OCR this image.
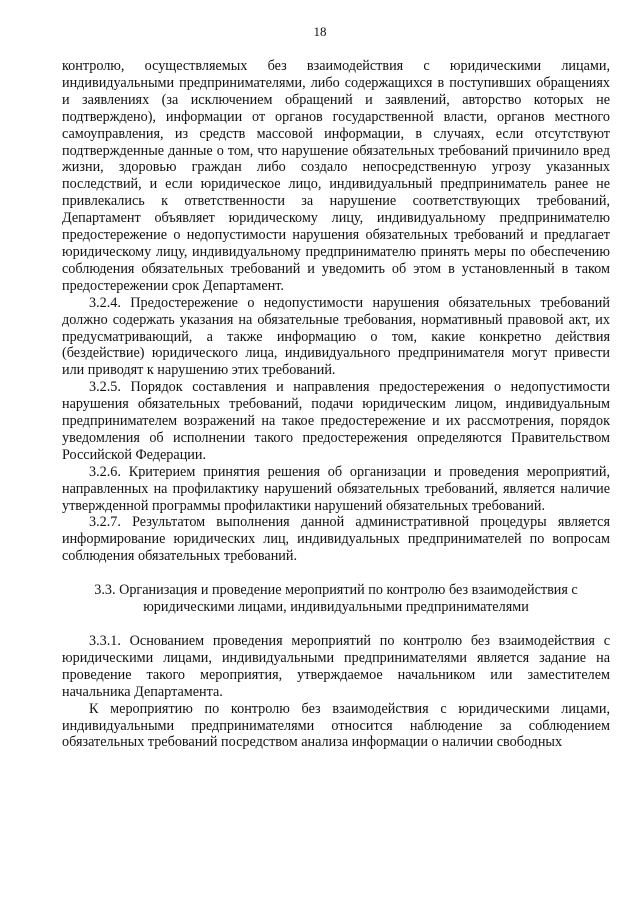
18

контролю, осуществляемых без взаимодействия с юридическими лицами, индивидуальными предпринимателями, либо содержащихся в поступивших обращениях и заявлениях (за исключением обращений и заявлений, авторство которых не подтверждено), информации от органов государственной власти, органов местного самоуправления, из средств массовой информации, в случаях, если отсутствуют подтвержденные данные о том, что нарушение обязательных требований причинило вред жизни, здоровью граждан либо создало непосредственную угрозу указанных последствий, и если юридическое лицо, индивидуальный предприниматель ранее не привлекались к ответственности за нарушение соответствующих требований, Департамент объявляет юридическому лицу, индивидуальному предпринимателю предостережение о недопустимости нарушения обязательных требований и предлагает юридическому лицу, индивидуальному предпринимателю принять меры по обеспечению соблюдения обязательных требований и уведомить об этом в установленный в таком предостережении срок Департамент.

3.2.4. Предостережение о недопустимости нарушения обязательных требований должно содержать указания на обязательные требования, нормативный правовой акт, их предусматривающий, а также информацию о том, какие конкретно действия (бездействие) юридического лица, индивидуального предпринимателя могут привести или приводят к нарушению этих требований.

3.2.5. Порядок составления и направления предостережения о недопустимости нарушения обязательных требований, подачи юридическим лицом, индивидуальным предпринимателем возражений на такое предостережение и их рассмотрения, порядок уведомления об исполнении такого предостережения определяются Правительством Российской Федерации.

3.2.6. Критерием принятия решения об организации и проведения мероприятий, направленных на профилактику нарушений обязательных требований, является наличие утвержденной программы профилактики нарушений обязательных требований.

3.2.7. Результатом выполнения данной административной процедуры является информирование юридических лиц, индивидуальных предпринимателей по вопросам соблюдения обязательных требований.

3.3. Организация и проведение мероприятий по контролю без взаимодействия с юридическими лицами, индивидуальными предпринимателями

3.3.1. Основанием проведения мероприятий по контролю без взаимодействия с юридическими лицами, индивидуальными предпринимателями является задание на проведение такого мероприятия, утверждаемое начальником или заместителем начальника Департамента.

К мероприятию по контролю без взаимодействия с юридическими лицами, индивидуальными предпринимателями относится наблюдение за соблюдением обязательных требований посредством анализа информации о наличии свободных
